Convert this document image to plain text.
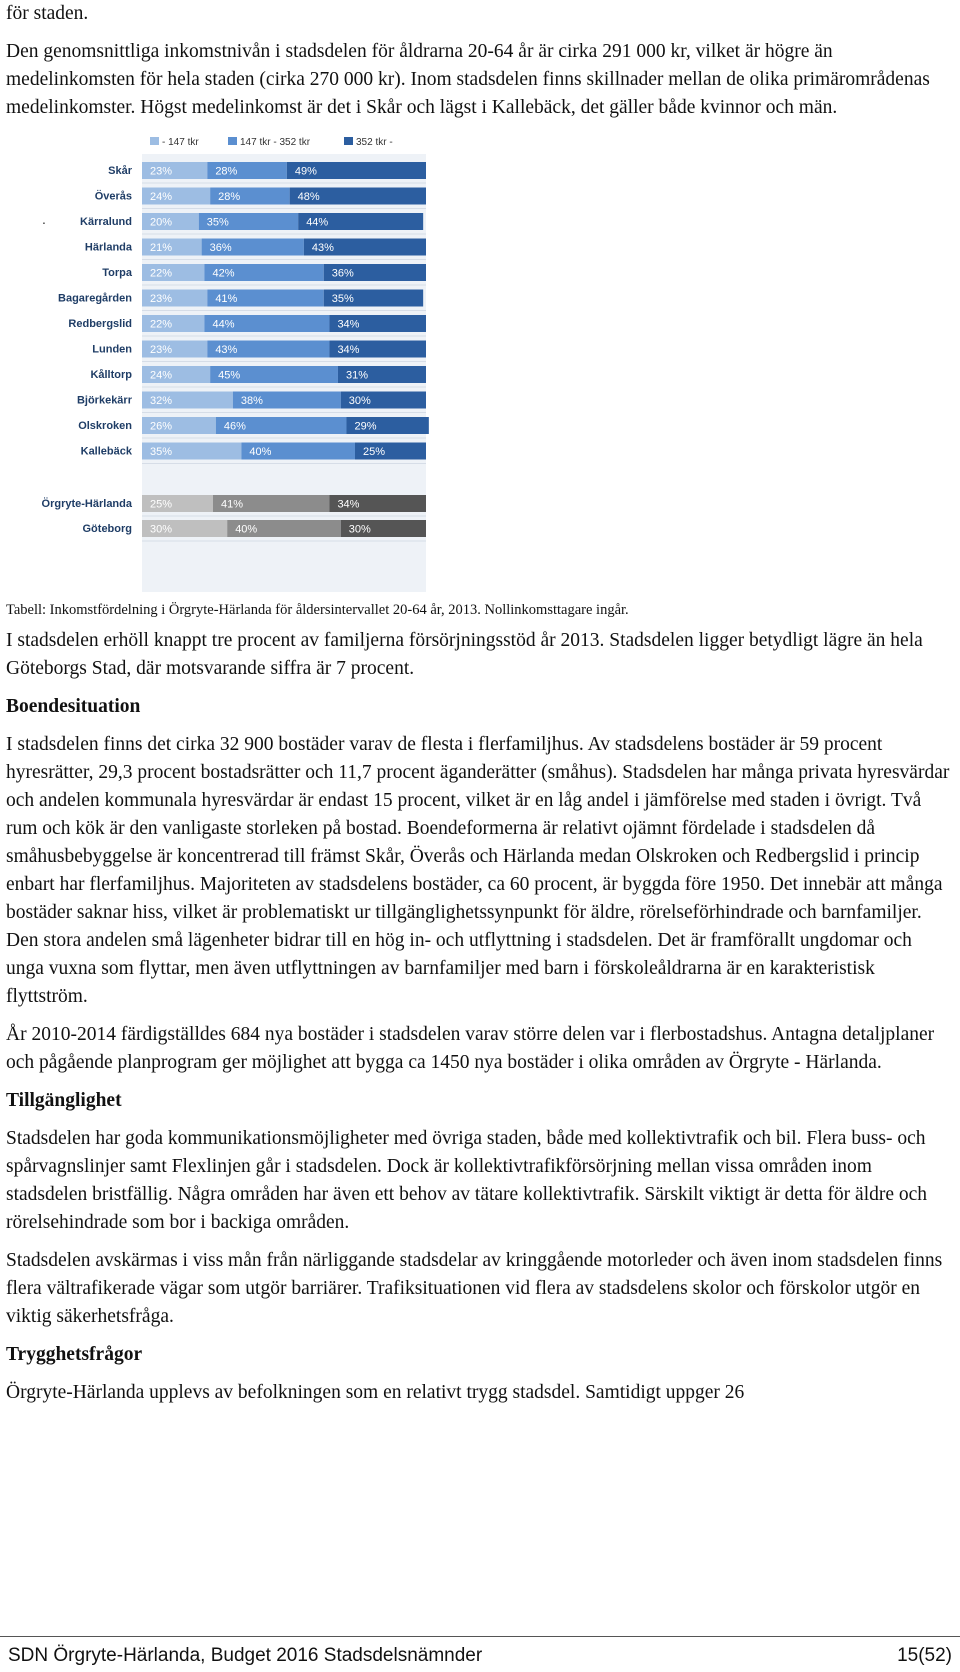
för staden.

Den genomsnittliga inkomstnivån i stadsdelen för åldrarna 20-64 år är cirka 291 000 kr, vilket är högre än medelinkomsten för hela staden (cirka 270 000 kr). Inom stadsdelen finns skillnader mellan de olika primärområdenas medelinkomster. Högst medelinkomst är det i Skår och lägst i Kallebäck, det gäller både kvinnor och män.

- 147 tkr	147 tkr - 352 tkr	352 tkr -
Skår 23%	28%	49%
Överås 24%	28%	48%
Kärralund 20%	35%	44%
Härlanda 21%	36%	43%
Torpa 22%	42%	36%
Bagaregården 23%	41%	35%
Redbergslid 22%	44%	34%
Lunden 23%	43%	34%
Kålltorp 24%	45%	31%
Björkekärr 32%	38%	30%
Olskroken 26%	46%	29%
Kallebäck 35%	40%	25%
Örgryte-Härlanda 25%	41%	34%
Göteborg 30%	40%	30%
.

Tabell: Inkomstfördelning i Örgryte-Härlanda för åldersintervallet 20-64 år, 2013. Nollinkomsttagare ingår.

I stadsdelen erhöll knappt tre procent av familjerna försörjningsstöd år 2013. Stadsdelen ligger betydligt lägre än hela Göteborgs Stad, där motsvarande siffra är 7 procent.

Boendesituation

I stadsdelen finns det cirka 32 900 bostäder varav de flesta i flerfamiljhus. Av stadsdelens bostäder är 59 procent hyresrätter, 29,3 procent bostadsrätter och 11,7 procent äganderätter (småhus). Stadsdelen har många privata hyresvärdar och andelen kommunala hyresvärdar är endast 15 procent, vilket är en låg andel i jämförelse med staden i övrigt. Två rum och kök är den vanligaste storleken på bostad. Boendeformerna är relativt ojämnt fördelade i stadsdelen då småhusbebyggelse är koncentrerad till främst Skår, Överås och Härlanda medan Olskroken och Redbergslid i princip enbart har flerfamiljhus. Majoriteten av stadsdelens bostäder, ca 60 procent, är byggda före 1950. Det innebär att många bostäder saknar hiss, vilket är problematiskt ur tillgänglighetssynpunkt för äldre, rörelseförhindrade och barnfamiljer. Den stora andelen små lägenheter bidrar till en hög in- och utflyttning i stadsdelen. Det är framförallt ungdomar och unga vuxna som flyttar, men även utflyttningen av barnfamiljer med barn i förskoleåldrarna är en karakteristisk flyttström.

År 2010-2014 färdigställdes 684 nya bostäder i stadsdelen varav större delen var i flerbostadshus. Antagna detaljplaner och pågående planprogram ger möjlighet att bygga ca 1450 nya bostäder i olika områden av Örgryte - Härlanda.

Tillgänglighet

Stadsdelen har goda kommunikationsmöjligheter med övriga staden, både med kollektivtrafik och bil. Flera buss- och spårvagnslinjer samt Flexlinjen går i stadsdelen. Dock är kollektivtrafikförsörjning mellan vissa områden inom stadsdelen bristfällig. Några områden har även ett behov av tätare kollektivtrafik. Särskilt viktigt är detta för äldre och rörelsehindrade som bor i backiga områden.

Stadsdelen avskärmas i viss mån från närliggande stadsdelar av kringgående motorleder och även inom stadsdelen finns flera vältrafikerade vägar som utgör barriärer. Trafiksituationen vid flera av stadsdelens skolor och förskolor utgör en viktig säkerhetsfråga.

Trygghetsfrågor

Örgryte-Härlanda upplevs av befolkningen som en relativt trygg stadsdel. Samtidigt uppger 26

SDN Örgryte-Härlanda, Budget 2016 Stadsdelsnämnder	15(52)
